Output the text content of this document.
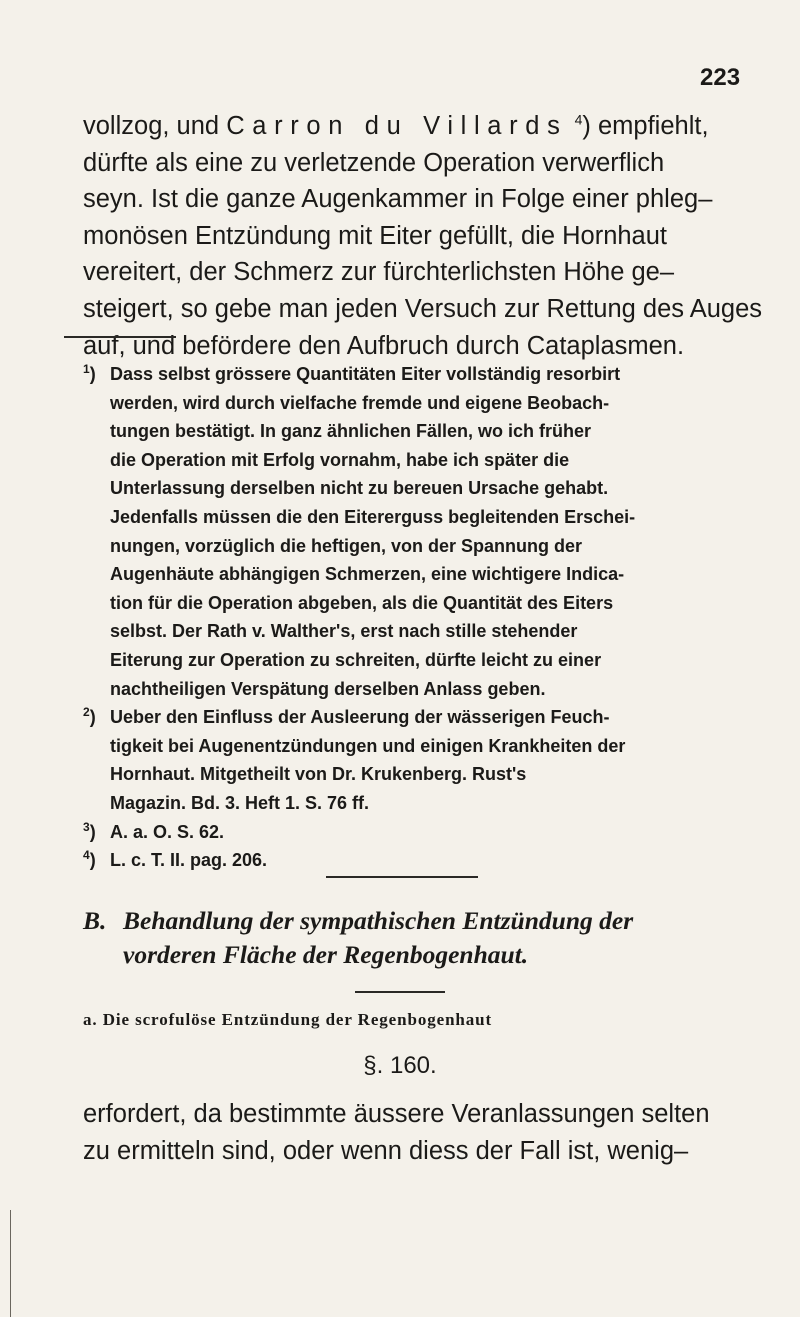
223
vollzog, und Carron du Villards $^4$) empfiehlt,
dürfte als eine zu verletzende Operation verwerflich
seyn. Ist die ganze Augenkammer in Folge einer phleg–
monösen Entzündung mit Eiter gefüllt, die Hornhaut
vereitert, der Schmerz zur fürchterlichsten Höhe ge–
steigert, so gebe man jeden Versuch zur Rettung des Auges
auf, und befördere den Aufbruch durch Cataplasmen.
$^1$) Dass selbst grössere Quantitäten Eiter vollständig resorbirt
werden, wird durch vielfache fremde und eigene Beobach-
tungen bestätigt. In ganz ähnlichen Fällen, wo ich früher
die Operation mit Erfolg vornahm, habe ich später die
Unterlassung derselben nicht zu bereuen Ursache gehabt.
Jedenfalls müssen die den Eitererguss begleitenden Erschei-
nungen, vorzüglich die heftigen, von der Spannung der
Augenhäute abhängigen Schmerzen, eine wichtigere Indica-
tion für die Operation abgeben, als die Quantität des Eiters
selbst. Der Rath v. Walther's, erst nach stille stehender
Eiterung zur Operation zu schreiten, dürfte leicht zu einer
nachtheiligen Verspätung derselben Anlass geben.
$^2$) Ueber den Einfluss der Ausleerung der wässerigen Feuch-
tigkeit bei Augenentzündungen und einigen Krankheiten der
Hornhaut. Mitgetheilt von Dr. Krukenberg. Rust's
Magazin. Bd. 3. Heft 1. S. 76 ff.
$^3$) A. a. O. S. 62.
$^4$) L. c. T. II. pag. 206.
B. Behandlung der sympathischen Entzündung der
vorderen Fläche der Regenbogenhaut.
a. Die scrofulöse Entzündung der Regenbogenhaut
§. 160.
erfordert, da bestimmte äussere Veranlassungen selten
zu ermitteln sind, oder wenn diess der Fall ist, wenig–
